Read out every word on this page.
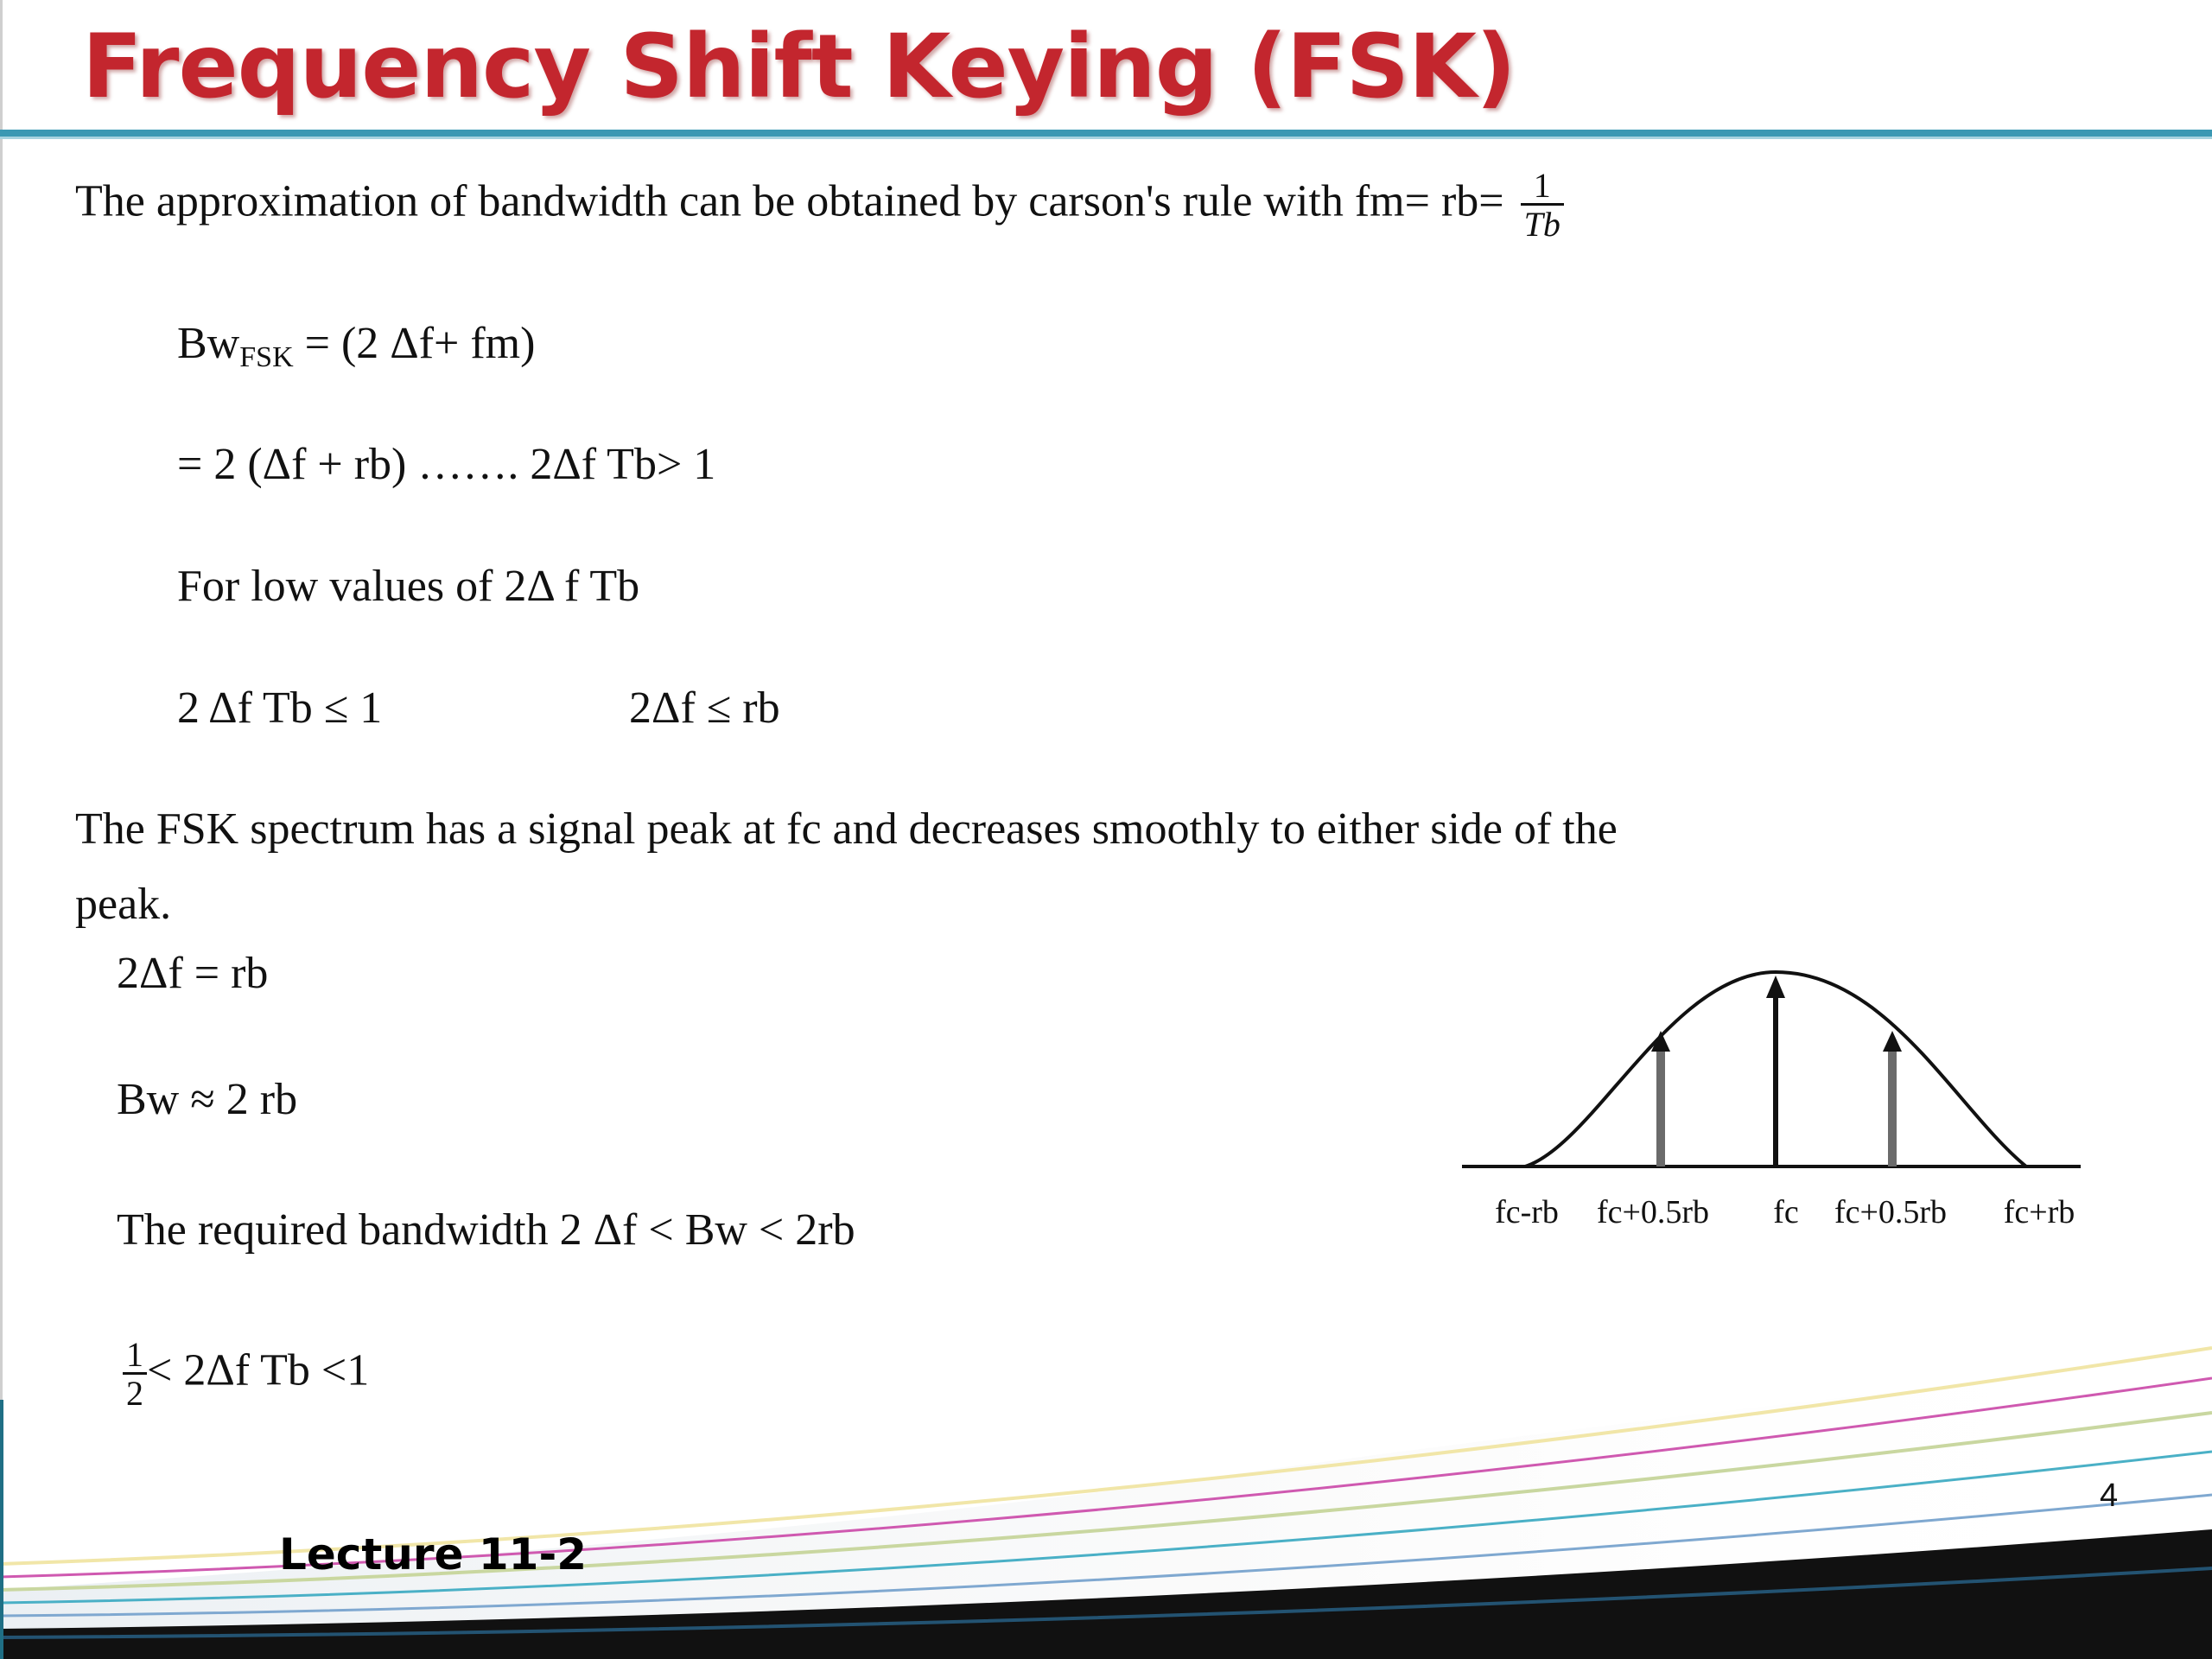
Frequency Shift Keying (FSK)
The approximation of bandwidth can be obtained by carson's rule with $fm= rb= \frac{1}{Tb}$
$Bw_{FSK} = (2$ Δf+ fm)
= 2 (Δf + rb) ……. 2Δf Tb> 1
For low values of 2Δ f Tb
2 Δf Tb ≤ 1	2Δf ≤ rb
The FSK spectrum has a signal peak at fc and decreases smoothly to either side of the
peak.
2Δf = rb
Bw ≈ 2 rb
The required bandwidth 2 Δf < Bw < 2rb
$\frac{1}{2} < 2\Delta f$ Tb <1
fc-rb fc+0.5rb fc fc+0.5rb fc+rb
4
Lecture 11-2
